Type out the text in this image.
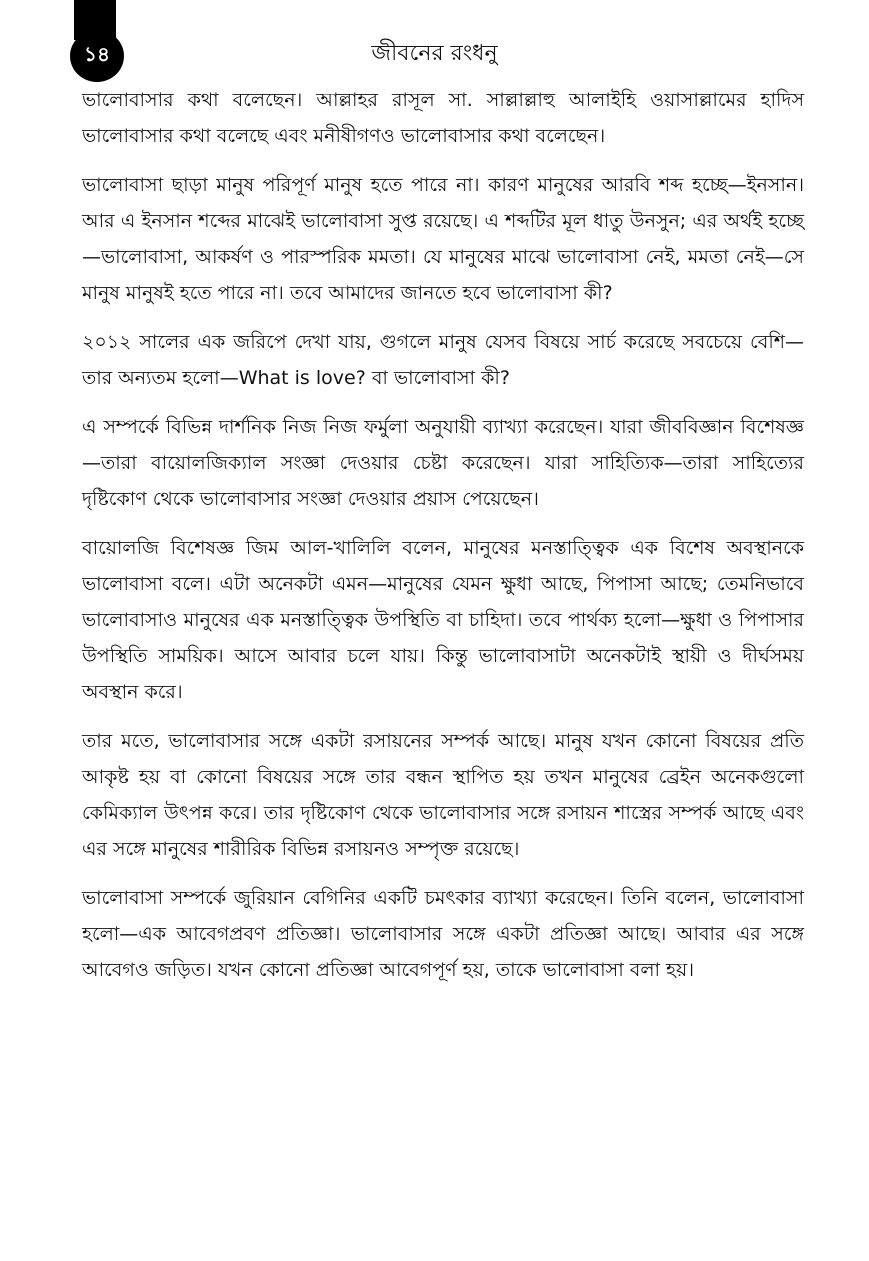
১৪	জীবনের রংধনু

ভালোবাসার কথা বলেছেন। আল্লাহর রাসূল সা. সাল্লাল্লাহু আলাইহি ওয়াসাল্লামের হাদিস ভালোবাসার কথা বলেছে এবং মনীষীগণও ভালোবাসার কথা বলেছেন।

ভালোবাসা ছাড়া মানুষ পরিপূর্ণ মানুষ হতে পারে না। কারণ মানুষের আরবি শব্দ হচ্ছে—ইনসান। আর এ ইনসান শব্দের মাঝেই ভালোবাসা সুপ্ত রয়েছে। এ শব্দটির মূল ধাতু উনসুন; এর অর্থই হচ্ছে—ভালোবাসা, আকর্ষণ ও পারস্পরিক মমতা। যে মানুষের মাঝে ভালোবাসা নেই, মমতা নেই—সে মানুষ মানুষই হতে পারে না। তবে আমাদের জানতে হবে ভালোবাসা কী?

২০১২ সালের এক জরিপে দেখা যায়, গুগলে মানুষ যেসব বিষয়ে সার্চ করেছে সবচেয়ে বেশি—তার অন্যতম হলো—What is love? বা ভালোবাসা কী?

এ সম্পর্কে বিভিন্ন দার্শনিক নিজ নিজ ফর্মুলা অনুযায়ী ব্যাখ্যা করেছেন। যারা জীববিজ্ঞান বিশেষজ্ঞ—তারা বায়োলজিক্যাল সংজ্ঞা দেওয়ার চেষ্টা করেছেন। যারা সাহিত্যিক—তারা সাহিত্যের দৃষ্টিকোণ থেকে ভালোবাসার সংজ্ঞা দেওয়ার প্রয়াস পেয়েছেন।

বায়োলজি বিশেষজ্ঞ জিম আল-খালিলি বলেন, মানুষের মনস্তাত্ত্বিক এক বিশেষ অবস্থানকে ভালোবাসা বলে। এটা অনেকটা এমন—মানুষের যেমন ক্ষুধা আছে, পিপাসা আছে; তেমনিভাবে ভালোবাসাও মানুষের এক মনস্তাত্ত্বিক উপস্থিতি বা চাহিদা। তবে পার্থক্য হলো—ক্ষুধা ও পিপাসার উপস্থিতি সাময়িক। আসে আবার চলে যায়। কিন্তু ভালোবাসাটা অনেকটাই স্থায়ী ও দীর্ঘসময় অবস্থান করে।

তার মতে, ভালোবাসার সঙ্গে একটা রসায়নের সম্পর্ক আছে। মানুষ যখন কোনো বিষয়ের প্রতি আকৃষ্ট হয় বা কোনো বিষয়ের সঙ্গে তার বন্ধন স্থাপিত হয় তখন মানুষের ব্রেইন অনেকগুলো কেমিক্যাল উৎপন্ন করে। তার দৃষ্টিকোণ থেকে ভালোবাসার সঙ্গে রসায়ন শাস্ত্রের সম্পর্ক আছে এবং এর সঙ্গে মানুষের শারীরিক বিভিন্ন রসায়নও সম্পৃক্ত রয়েছে।

ভালোবাসা সম্পর্কে জুরিয়ান বেগিনির একটি চমৎকার ব্যাখ্যা করেছেন। তিনি বলেন, ভালোবাসা হলো—এক আবেগপ্রবণ প্রতিজ্ঞা। ভালোবাসার সঙ্গে একটা প্রতিজ্ঞা আছে। আবার এর সঙ্গে আবেগও জড়িত। যখন কোনো প্রতিজ্ঞা আবেগপূর্ণ হয়, তাকে ভালোবাসা বলা হয়।
